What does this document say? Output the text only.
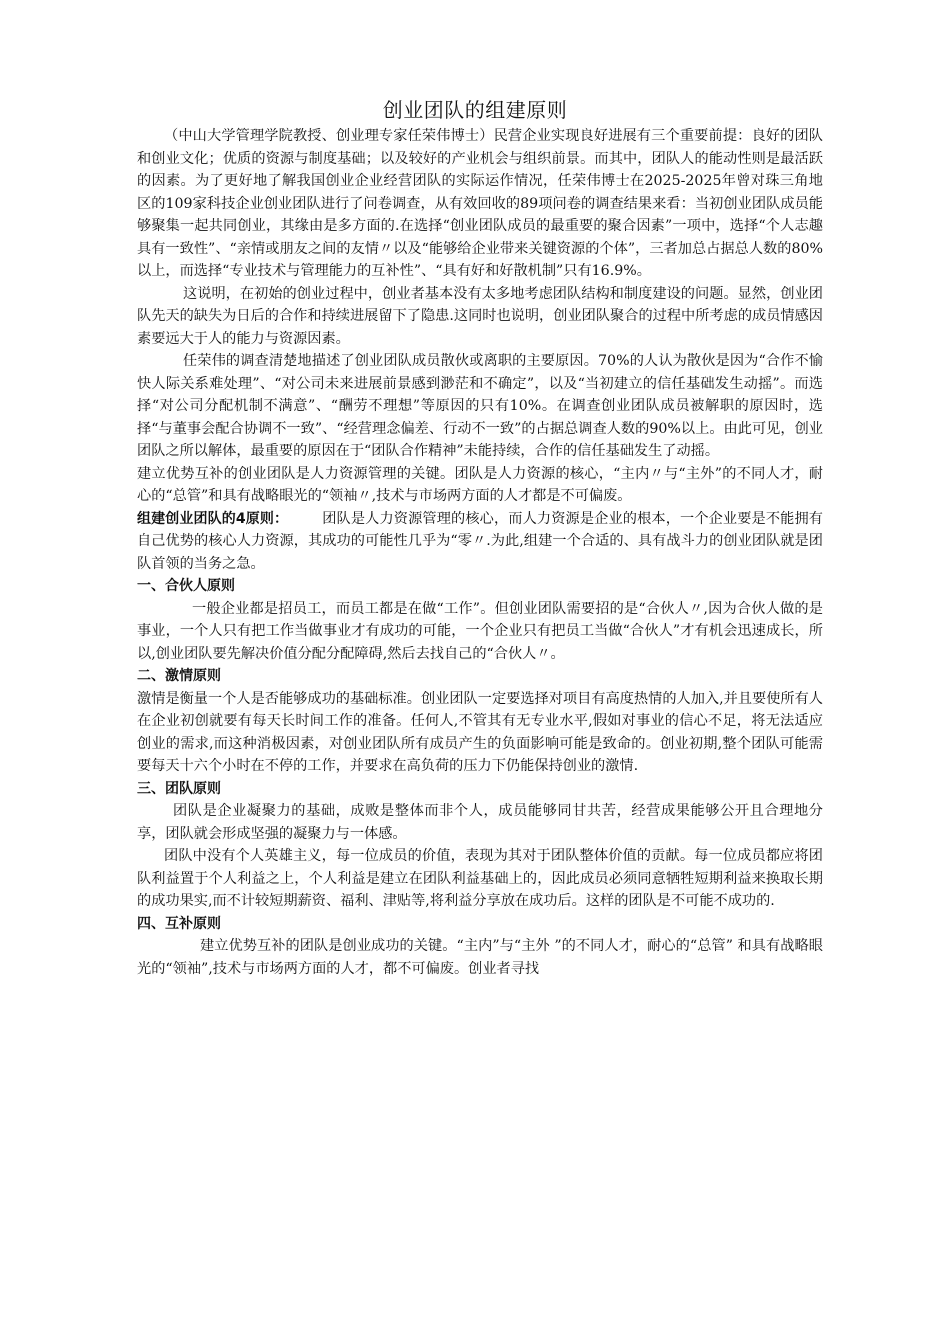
创业团队的组建原则

（中山大学管理学院教授、创业理专家任荣伟博士）民营企业实现良好进展有三个重要前提：良好的团队和创业文化；优质的资源与制度基础；以及较好的产业机会与组织前景。而其中，团队人的能动性则是最活跃的因素。为了更好地了解我国创业企业经营团队的实际运作情况，任荣伟博士在2025-2025年曾对珠三角地区的109家科技企业创业团队进行了问卷调查，从有效回收的89项问卷的调查结果来看：当初创业团队成员能够聚集一起共同创业，其缘由是多方面的.在选择“创业团队成员的最重要的聚合因素”一项中，选择“个人志趣具有一致性”、“亲情或朋友之间的友情〃以及“能够给企业带来关键资源的个体”，三者加总占据总人数的80%以上，而选择“专业技术与管理能力的互补性”、“具有好和好散机制”只有16.9%。

这说明，在初始的创业过程中，创业者基本没有太多地考虑团队结构和制度建设的问题。显然，创业团队先天的缺失为日后的合作和持续进展留下了隐患.这同时也说明，创业团队聚合的过程中所考虑的成员情感因素要远大于人的能力与资源因素。

任荣伟的调查清楚地描述了创业团队成员散伙或离职的主要原因。70%的人认为散伙是因为“合作不愉快人际关系难处理”、“对公司未来进展前景感到渺茫和不确定”，以及“当初建立的信任基础发生动摇”。而选择“对公司分配机制不满意”、“酬劳不理想”等原因的只有10%。在调查创业团队成员被解职的原因时，选择“与董事会配合协调不一致”、“经营理念偏差、行动不一致”的占据总调查人数的90%以上。由此可见，创业团队之所以解体，最重要的原因在于“团队合作精神”未能持续，合作的信任基础发生了动摇。

建立优势互补的创业团队是人力资源管理的关键。团队是人力资源的核心，“主内〃与“主外”的不同人才，耐心的“总管”和具有战略眼光的“领袖〃,技术与市场两方面的人才都是不可偏废。

组建创业团队的4原则： 团队是人力资源管理的核心，而人力资源是企业的根本，一个企业要是不能拥有自己优势的核心人力资源，其成功的可能性几乎为“零〃.为此,组建一个合适的、具有战斗力的创业团队就是团队首领的当务之急。

一、合伙人原则

一般企业都是招员工，而员工都是在做“工作”。但创业团队需要招的是“合伙人〃,因为合伙人做的是事业，一个人只有把工作当做事业才有成功的可能，一个企业只有把员工当做“合伙人”才有机会迅速成长，所以,创业团队要先解决价值分配分配障碍,然后去找自己的“合伙人〃。

二、激情原则

激情是衡量一个人是否能够成功的基础标准。创业团队一定要选择对项目有高度热情的人加入,并且要使所有人在企业初创就要有每天长时间工作的准备。任何人,不管其有无专业水平,假如对事业的信心不足，将无法适应创业的需求,而这种消极因素，对创业团队所有成员产生的负面影响可能是致命的。创业初期,整个团队可能需要每天十六个小时在不停的工作，并要求在高负荷的压力下仍能保持创业的激情.

三、团队原则

团队是企业凝聚力的基础，成败是整体而非个人，成员能够同甘共苦，经营成果能够公开且合理地分享，团队就会形成坚强的凝聚力与一体感。

团队中没有个人英雄主义，每一位成员的价值，表现为其对于团队整体价值的贡献。每一位成员都应将团队利益置于个人利益之上，个人利益是建立在团队利益基础上的，因此成员必须同意牺牲短期利益来换取长期的成功果实,而不计较短期薪资、福利、津贴等,将利益分享放在成功后。这样的团队是不可能不成功的.

四、互补原则

建立优势互补的团队是创业成功的关键。“主内”与“主外 ”的不同人才，耐心的“总管” 和具有战略眼光的“领袖”,技术与市场两方面的人才，都不可偏废。创业者寻找
